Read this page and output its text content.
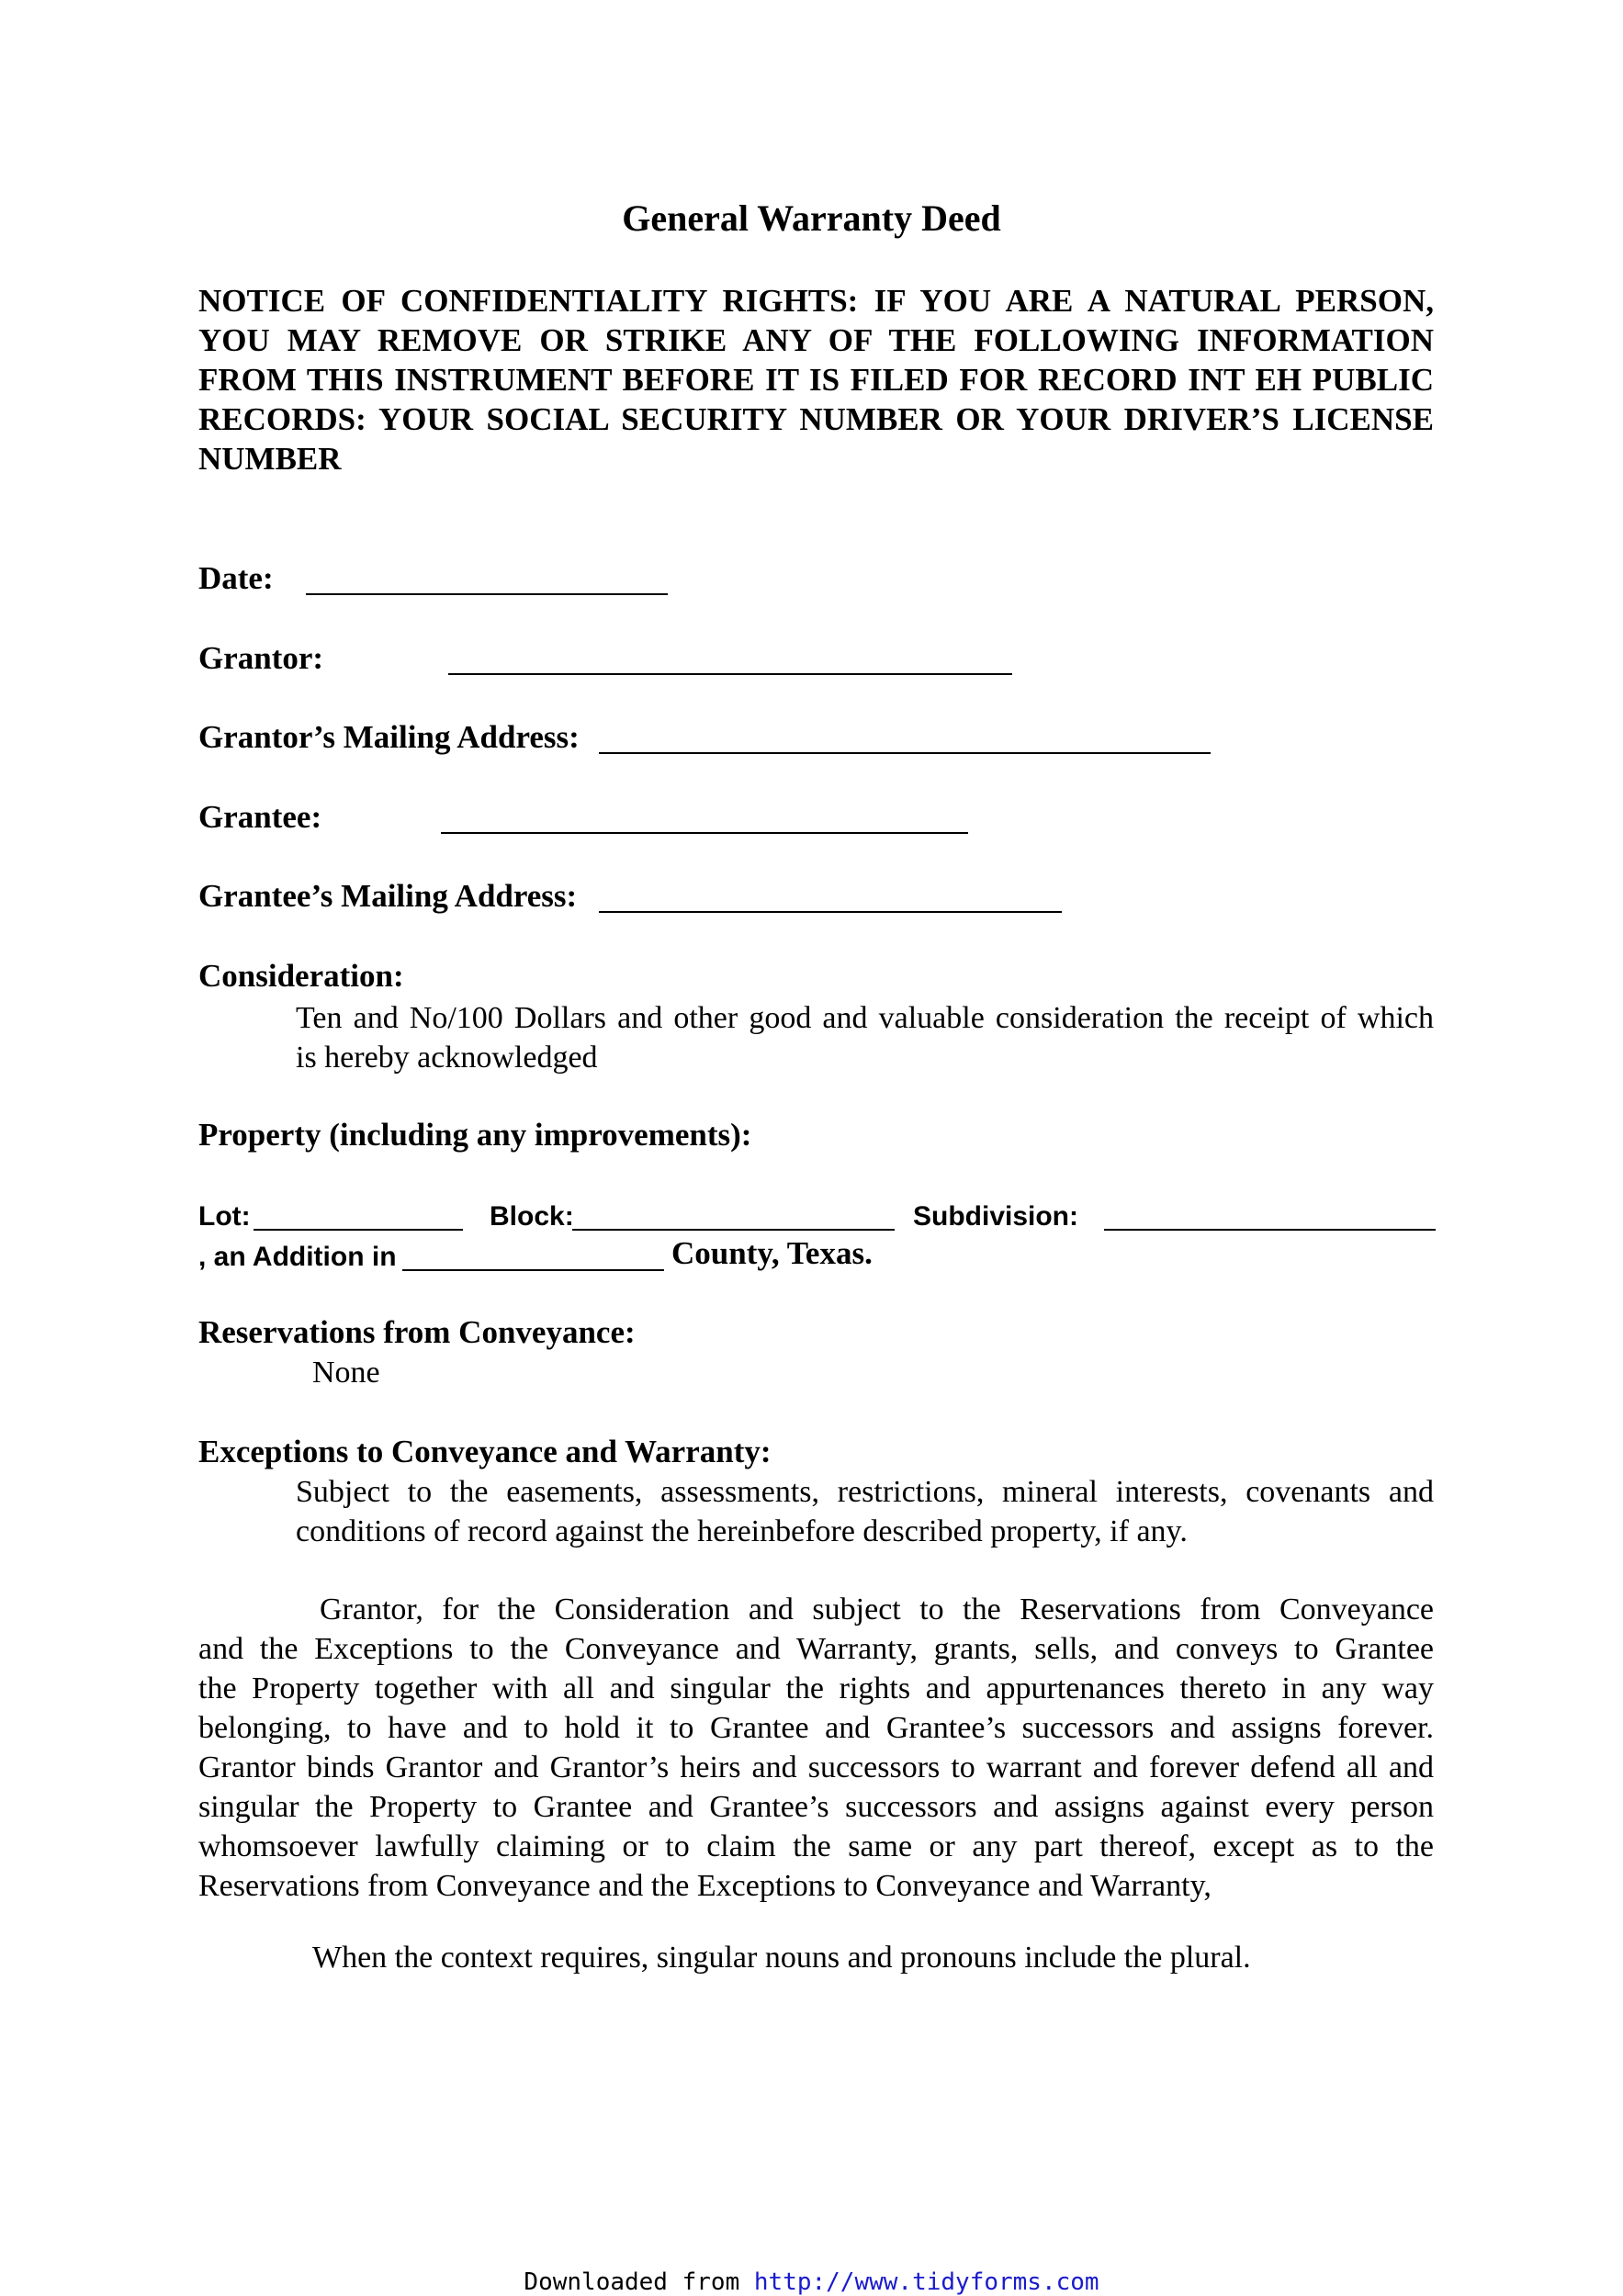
General Warranty Deed
NOTICE OF CONFIDENTIALITY RIGHTS: IF YOU ARE A NATURAL PERSON,
YOU MAY REMOVE OR STRIKE ANY OF THE FOLLOWING INFORMATION
FROM THIS INSTRUMENT BEFORE IT IS FILED FOR RECORD INT EH PUBLIC
RECORDS: YOUR SOCIAL SECURITY NUMBER OR YOUR DRIVER’S LICENSE
NUMBER
Date:
Grantor:
Grantor’s Mailing Address:
Grantee:
Grantee’s Mailing Address:
Consideration:
Ten and No/100 Dollars and other good and valuable consideration the receipt of which
is hereby acknowledged
Property (including any improvements):
Lot:	Block:	Subdivision:
, an Addition in	County, Texas.
Reservations from Conveyance:
None
Exceptions to Conveyance and Warranty:
Subject to the easements, assessments, restrictions, mineral interests, covenants and
conditions of record against the hereinbefore described property, if any.
Grantor, for the Consideration and subject to the Reservations from Conveyance
and the Exceptions to the Conveyance and Warranty, grants, sells, and conveys to Grantee
the Property together with all and singular the rights and appurtenances thereto in any way
belonging, to have and to hold it to Grantee and Grantee’s successors and assigns forever.
Grantor binds Grantor and Grantor’s heirs and successors to warrant and forever defend all and
singular the Property to Grantee and Grantee’s successors and assigns against every person
whomsoever lawfully claiming or to claim the same or any part thereof, except as to the
Reservations from Conveyance and the Exceptions to Conveyance and Warranty,
When the context requires, singular nouns and pronouns include the plural.
Downloaded from http://www.tidyforms.com
